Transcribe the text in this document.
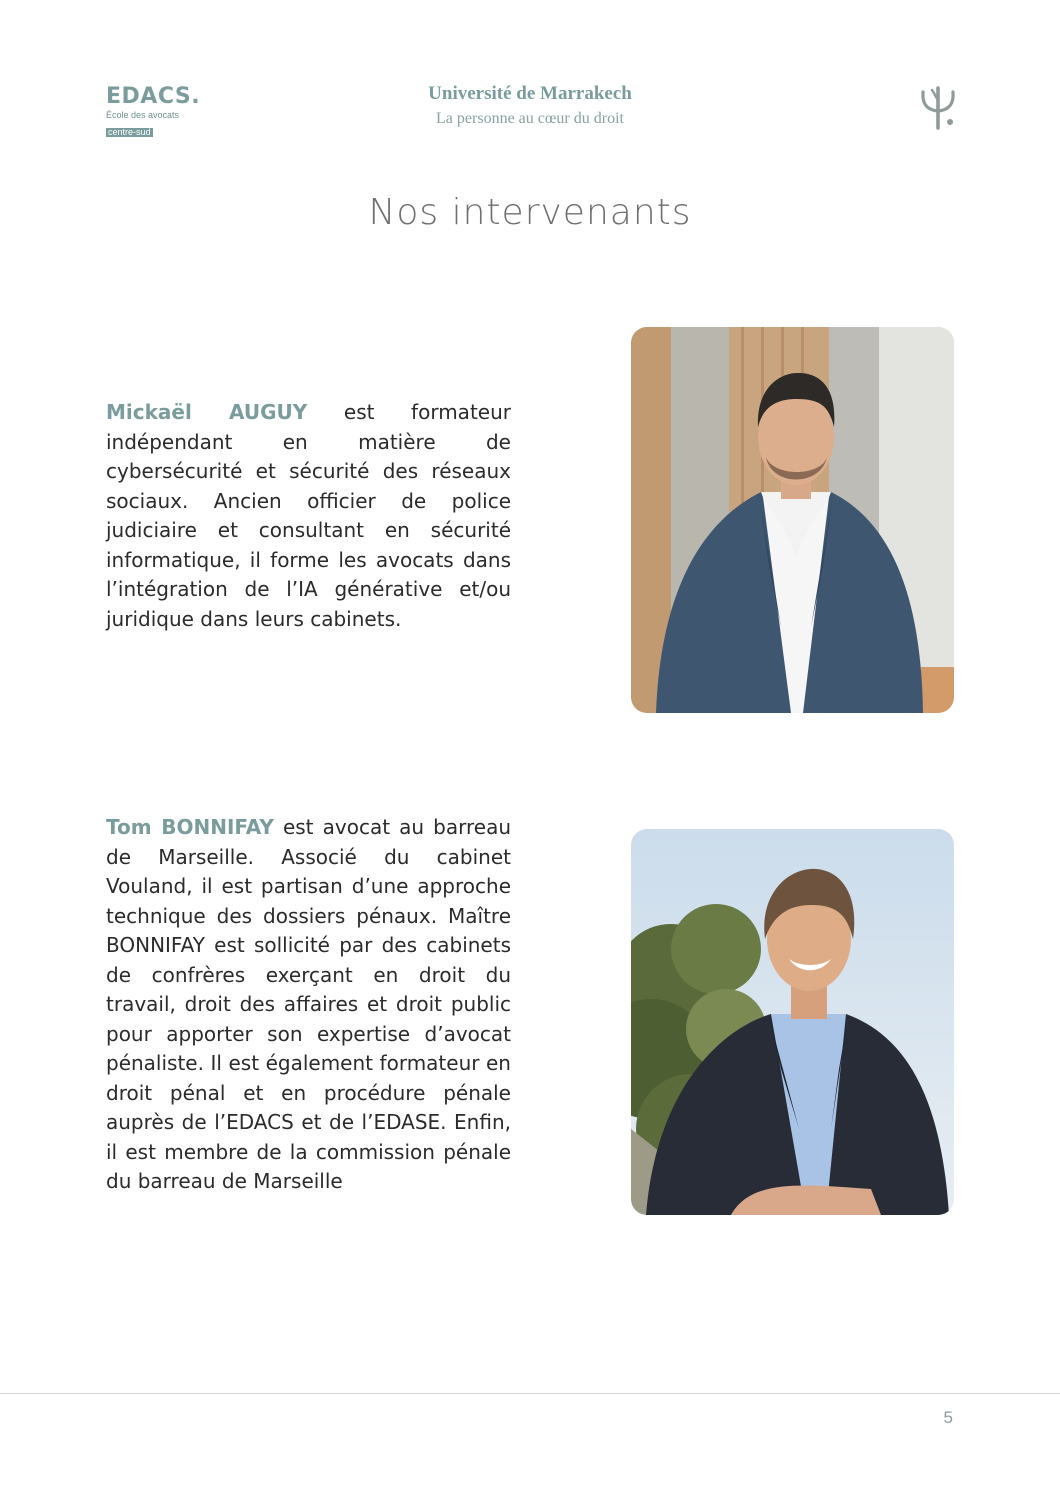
EDACS.
École des avocats
centre-sud
Université de Marrakech
La personne au cœur du droit
Nos intervenants

Mickaël AUGUY est formateur indépendant en matière de cybersécurité et sécurité des réseaux sociaux. Ancien officier de police judiciaire et consultant en sécurité informatique, il forme les avocats dans l’intégration de l’IA générative et/ou juridique dans leurs cabinets.

Tom BONNIFAY est avocat au barreau de Marseille. Associé du cabinet Vouland, il est partisan d’une approche technique des dossiers pénaux. Maître BONNIFAY est sollicité par des cabinets de confrères exerçant en droit du travail, droit des affaires et droit public pour apporter son expertise d’avocat pénaliste. Il est également formateur en droit pénal et en procédure pénale auprès de l’EDACS et de l’EDASE. Enfin, il est membre de la commission pénale du barreau de Marseille

5
